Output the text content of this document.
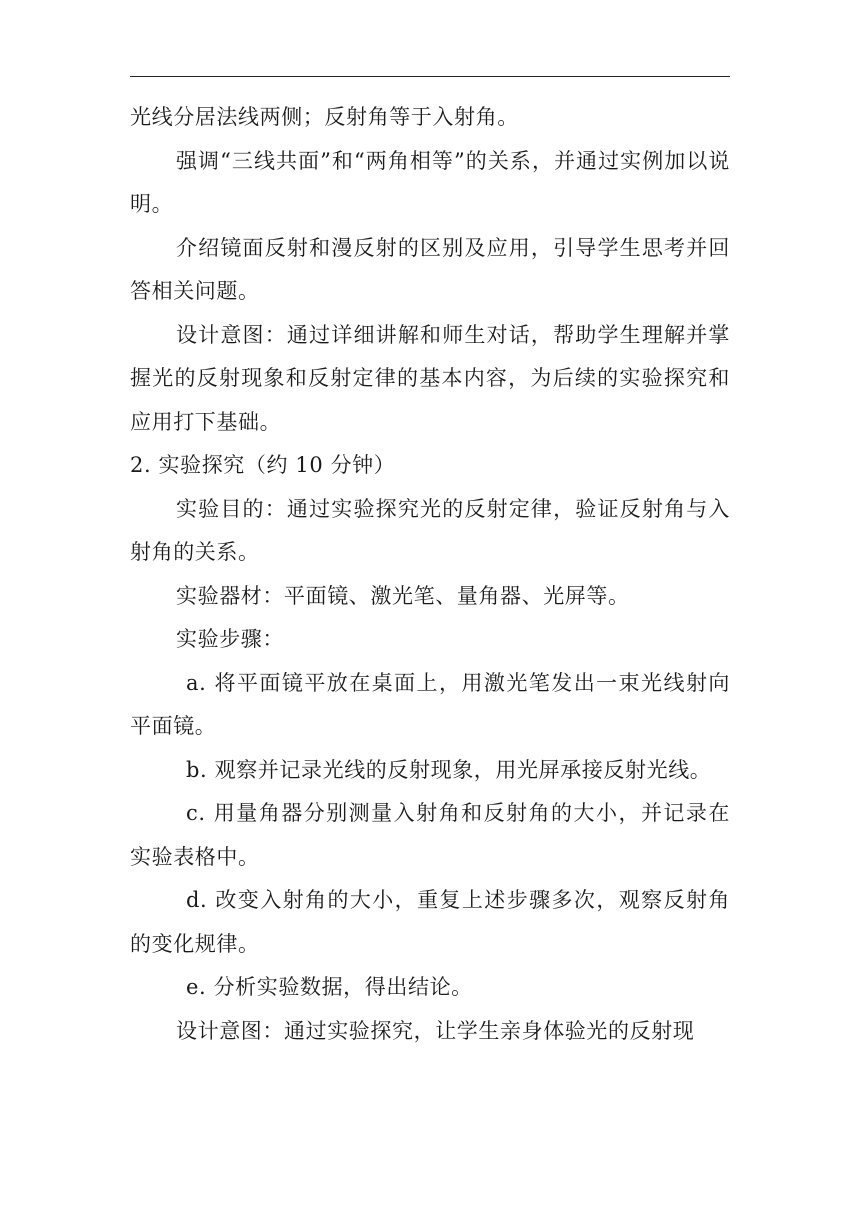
光线分居法线两侧；反射角等于入射角。

强调“三线共面”和“两角相等”的关系，并通过实例加以说明。

介绍镜面反射和漫反射的区别及应用，引导学生思考并回答相关问题。

设计意图：通过详细讲解和师生对话，帮助学生理解并掌握光的反射现象和反射定律的基本内容，为后续的实验探究和应用打下基础。

2. 实验探究（约 10 分钟）

实验目的：通过实验探究光的反射定律，验证反射角与入射角的关系。

实验器材：平面镜、激光笔、量角器、光屏等。

实验步骤：

a. 将平面镜平放在桌面上，用激光笔发出一束光线射向平面镜。

b. 观察并记录光线的反射现象，用光屏承接反射光线。

c. 用量角器分别测量入射角和反射角的大小，并记录在实验表格中。

d. 改变入射角的大小，重复上述步骤多次，观察反射角的变化规律。

e. 分析实验数据，得出结论。

设计意图：通过实验探究，让学生亲身体验光的反射现
